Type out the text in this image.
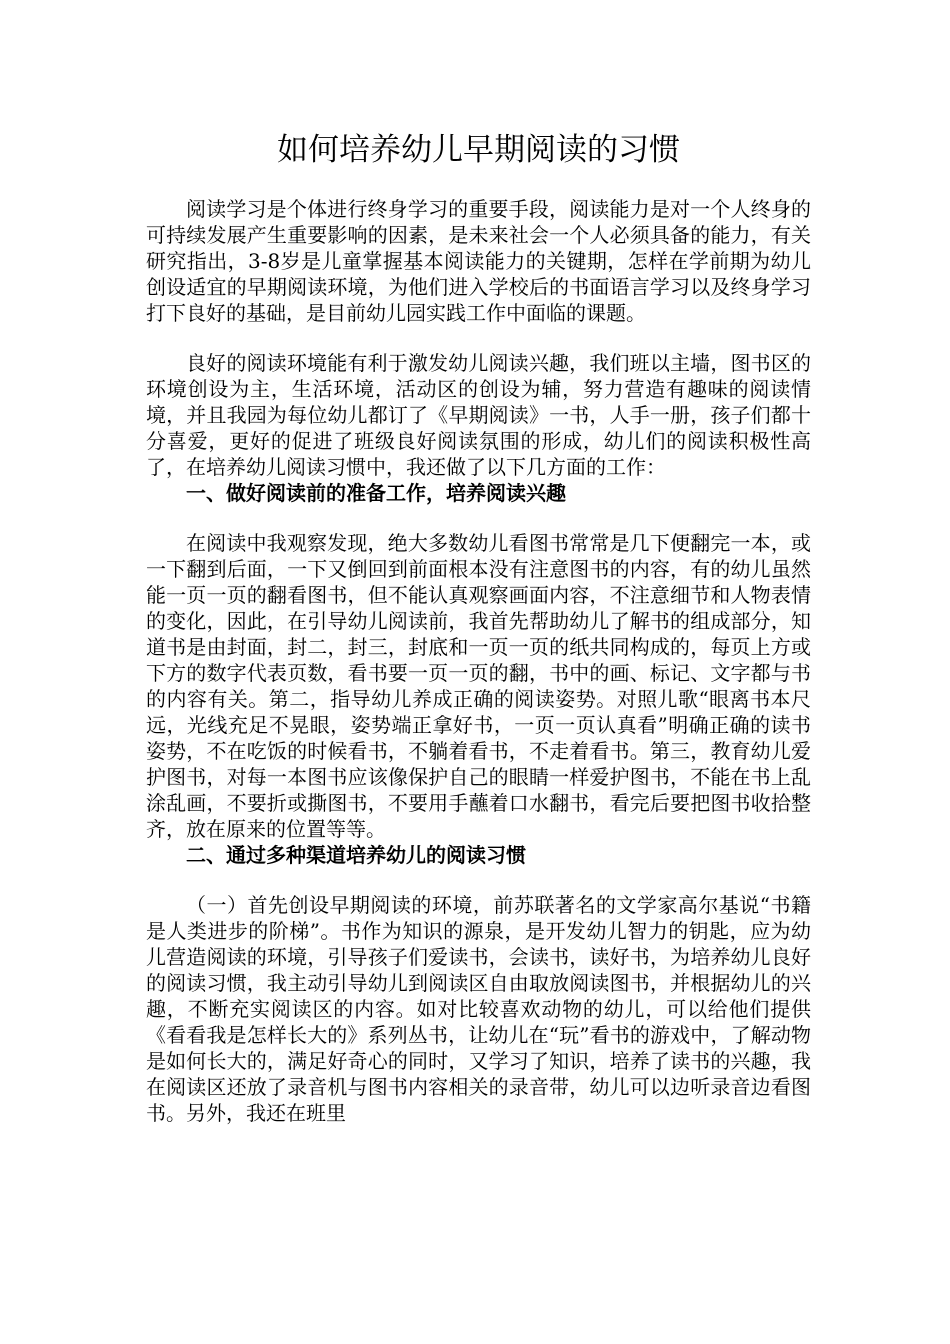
如何培养幼儿早期阅读的习惯

阅读学习是个体进行终身学习的重要手段，阅读能力是对一个人终身的可持续发展产生重要影响的因素，是未来社会一个人必须具备的能力，有关研究指出，3-8岁是儿童掌握基本阅读能力的关键期，怎样在学前期为幼儿创设适宜的早期阅读环境，为他们进入学校后的书面语言学习以及终身学习打下良好的基础，是目前幼儿园实践工作中面临的课题。

良好的阅读环境能有利于激发幼儿阅读兴趣，我们班以主墙，图书区的环境创设为主，生活环境，活动区的创设为辅，努力营造有趣味的阅读情境，并且我园为每位幼儿都订了《早期阅读》一书，人手一册，孩子们都十分喜爱，更好的促进了班级良好阅读氛围的形成，幼儿们的阅读积极性高了，在培养幼儿阅读习惯中，我还做了以下几方面的工作：

一、做好阅读前的准备工作，培养阅读兴趣

在阅读中我观察发现，绝大多数幼儿看图书常常是几下便翻完一本，或一下翻到后面，一下又倒回到前面根本没有注意图书的内容，有的幼儿虽然能一页一页的翻看图书，但不能认真观察画面内容，不注意细节和人物表情的变化，因此，在引导幼儿阅读前，我首先帮助幼儿了解书的组成部分，知道书是由封面，封二，封三，封底和一页一页的纸共同构成的，每页上方或下方的数字代表页数，看书要一页一页的翻，书中的画、标记、文字都与书的内容有关。第二，指导幼儿养成正确的阅读姿势。对照儿歌“眼离书本尺远，光线充足不晃眼，姿势端正拿好书，一页一页认真看”明确正确的读书姿势，不在吃饭的时候看书，不躺着看书，不走着看书。第三，教育幼儿爱护图书，对每一本图书应该像保护自己的眼睛一样爱护图书，不能在书上乱涂乱画，不要折或撕图书，不要用手蘸着口水翻书，看完后要把图书收拾整齐，放在原来的位置等等。

二、通过多种渠道培养幼儿的阅读习惯

（一）首先创设早期阅读的环境，前苏联著名的文学家高尔基说“书籍是人类进步的阶梯”。书作为知识的源泉，是开发幼儿智力的钥匙，应为幼儿营造阅读的环境，引导孩子们爱读书，会读书，读好书，为培养幼儿良好的阅读习惯，我主动引导幼儿到阅读区自由取放阅读图书，并根据幼儿的兴趣，不断充实阅读区的内容。如对比较喜欢动物的幼儿，可以给他们提供《看看我是怎样长大的》系列丛书，让幼儿在“玩”看书的游戏中，了解动物是如何长大的，满足好奇心的同时，又学习了知识，培养了读书的兴趣，我在阅读区还放了录音机与图书内容相关的录音带，幼儿可以边听录音边看图书。另外，我还在班里
